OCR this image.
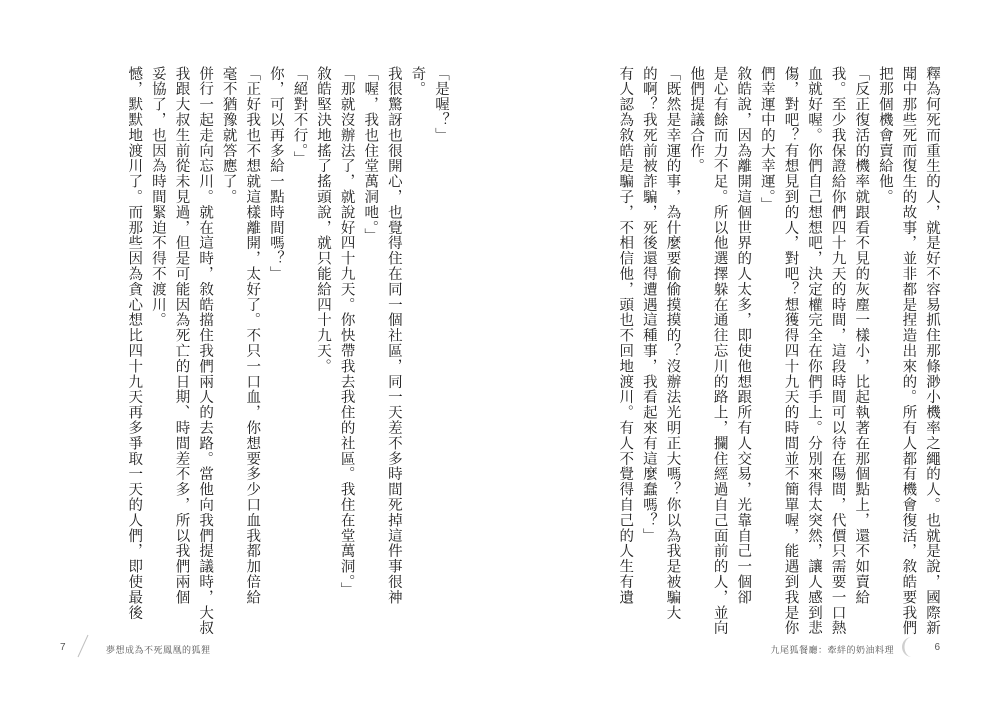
「是喔？」

奇。

我很驚訝也很開心，也覺得住在同一個社區，同一天差不多時間死掉這件事很神

「喔，我也住堂萬洞吔。」

「那就沒辦法了，就說好四十九天。你快帶我去我住的社區。我住在堂萬洞。」

敘皓堅決地搖了搖頭說，就只能給四十九天。

「絕對不行。」

你，可以再多給一點時間嗎？」

「正好我也不想就這樣離開，太好了。不只一口血，你想要多少口血我都加倍給

毫不猶豫就答應了。

併行一起走向忘川。就在這時，敘皓擋住我們兩人的去路。當他向我們提議時，大叔

我跟大叔生前從未見過，但是可能因為死亡的日期、時間差不多，所以我們兩個

妥協了，也因為時間緊迫不得不渡川。

憾，默默地渡川了。而那些因為貪心想比四十九天再多爭取一天的人們，即使最後

7	夢想成為不死鳳凰的狐狸

釋為何死而重生的人，就是好不容易抓住那條渺小機率之繩的人。也就是說，國際新

聞中那些死而復生的故事，並非都是捏造出來的。所有人都有機會復活，敘皓要我們

把那個機會賣給他。

「反正復活的機率就跟看不見的灰塵一樣小，比起執著在那個點上，還不如賣給

我。至少我保證給你們四十九天的時間，這段時間可以待在陽間，代價只需要一口熱

血就好喔。你們自己想想吧，決定權完全在你們手上。分別來得太突然，讓人感到悲

傷，對吧？有想見到的人，對吧？想獲得四十九天的時間並不簡單喔，能遇到我是你

們幸運中的大幸運。」

敘皓說，因為離開這個世界的人太多，即使他想跟所有人交易，光靠自己一個卻

是心有餘而力不足。所以他選擇躲在通往忘川的路上，攔住經過自己面前的人，並向

他們提議合作。

「既然是幸運的事，為什麼要偷偷摸摸的？沒辦法光明正大嗎？你以為我是被騙大

的啊？我死前被詐騙，死後還得遭遇這種事，我看起來有這麼蠢嗎？」

有人認為敘皓是騙子，不相信他，頭也不回地渡川。有人不覺得自己的人生有遺

九尾狐餐廳：牽絆的奶油料理	6
